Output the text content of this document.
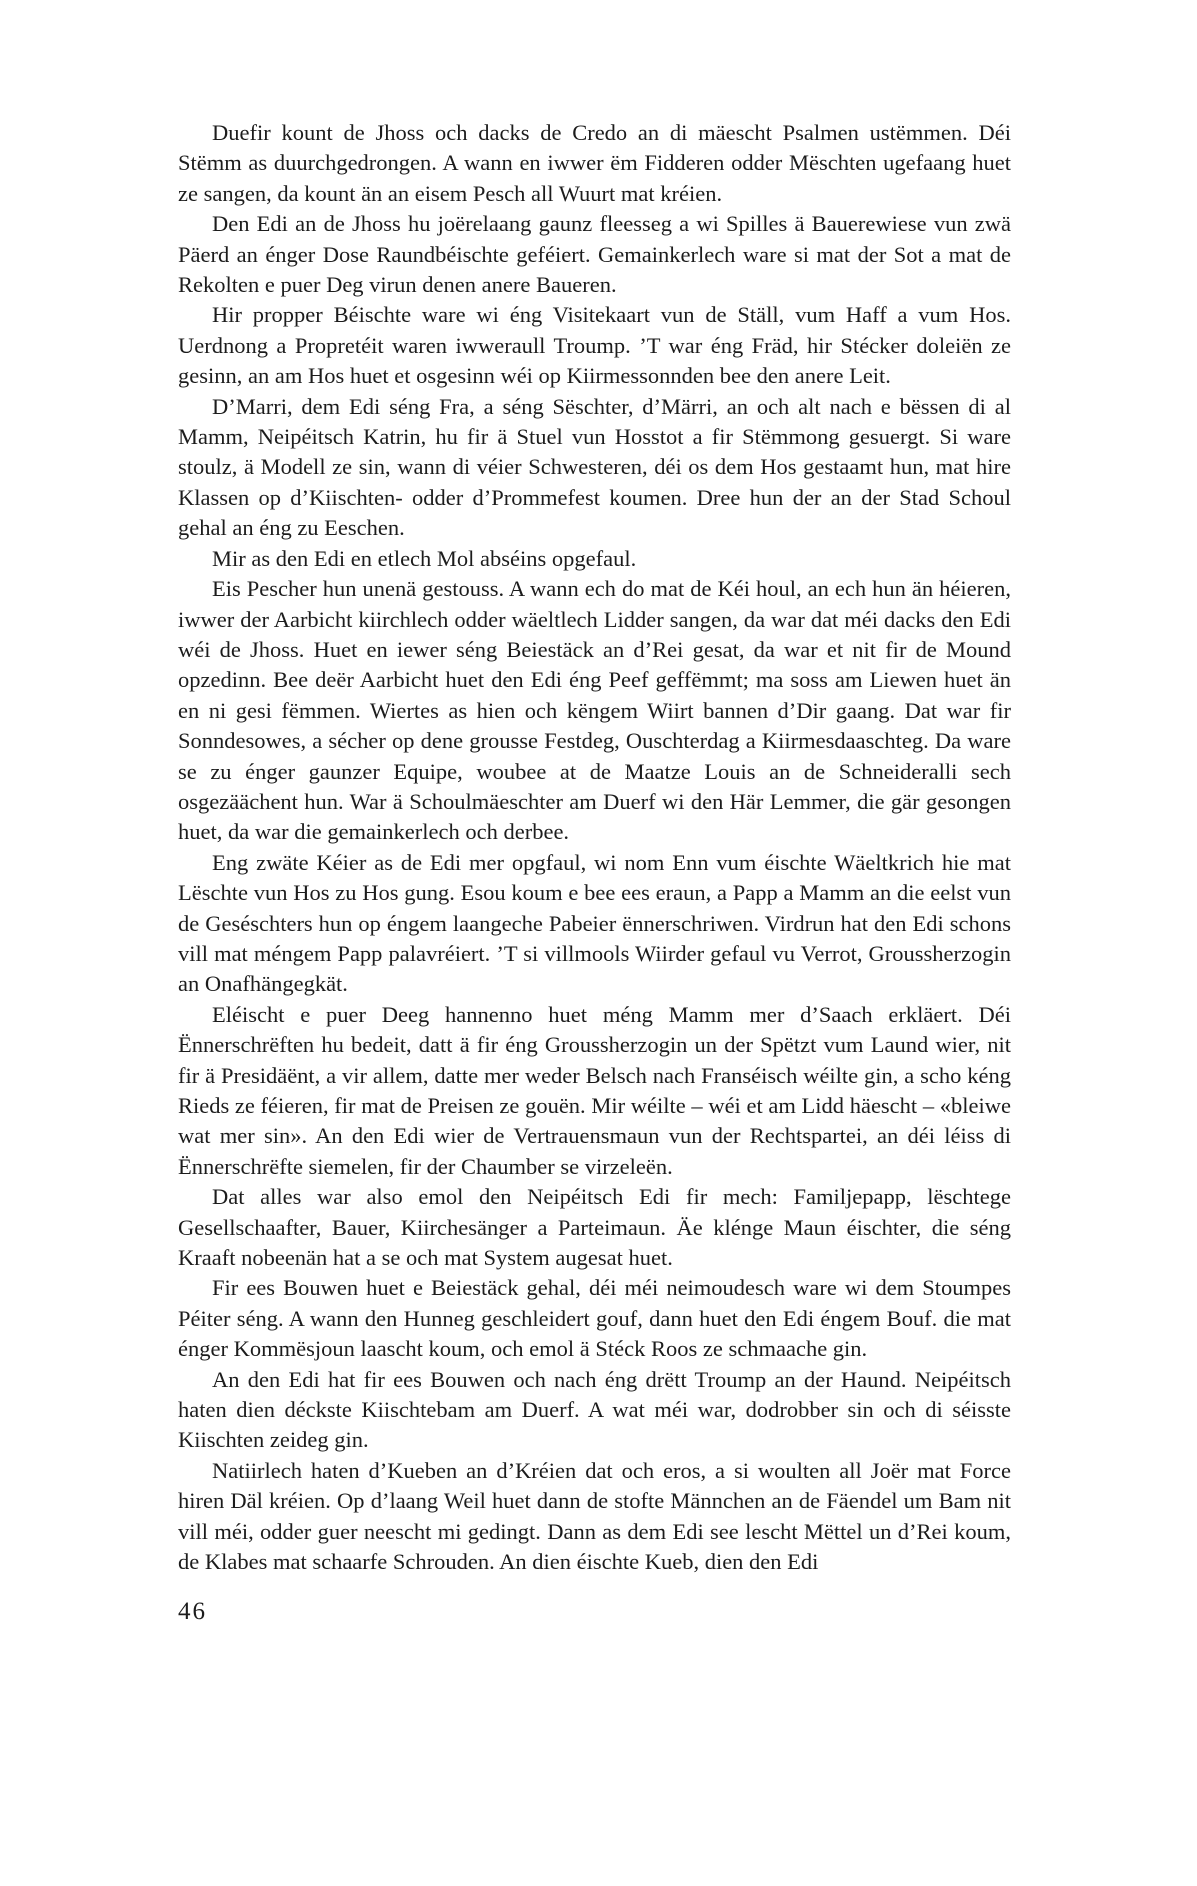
Duefir kount de Jhoss och dacks de Credo an di mäescht Psalmen ustëmmen. Déi Stëmm as duurchgedrongen. A wann en iwwer ëm Fidderen odder Mëschten ugefaang huet ze sangen, da kount än an eisem Pesch all Wuurt mat kréien.

Den Edi an de Jhoss hu joërelaang gaunz fleesseg a wi Spilles ä Bauerewiese vun zwä Päerd an énger Dose Raundbéischte geféiert. Gemainkerlech ware si mat der Sot a mat de Rekolten e puer Deg virun denen anere Baueren.

Hir propper Béischte ware wi éng Visitekaart vun de Ställ, vum Haff a vum Hos. Uerdnong a Propretéit waren iwweraull Troump. ’T war éng Fräd, hir Stécker doleiën ze gesinn, an am Hos huet et osgesinn wéi op Kiirmessonnden bee den anere Leit.

D’Marri, dem Edi séng Fra, a séng Sëschter, d’Märri, an och alt nach e bëssen di al Mamm, Neipéitsch Katrin, hu fir ä Stuel vun Hosstot a fir Stëmmong gesuergt. Si ware stoulz, ä Modell ze sin, wann di véier Schwesteren, déi os dem Hos gestaamt hun, mat hire Klassen op d’Kiischten- odder d’Prommefest koumen. Dree hun der an der Stad Schoul gehal an éng zu Eeschen.

Mir as den Edi en etlech Mol abséins opgefaul.

Eis Pescher hun unenä gestouss. A wann ech do mat de Kéi houl, an ech hun än héieren, iwwer der Aarbicht kiirchlech odder wäeltlech Lidder sangen, da war dat méi dacks den Edi wéi de Jhoss. Huet en iewer séng Beiestäck an d’Rei gesat, da war et nit fir de Mound opzedinn. Bee deër Aarbicht huet den Edi éng Peef geffëmmt; ma soss am Liewen huet än en ni gesi fëmmen. Wiertes as hien och këngem Wiirt bannen d’Dir gaang. Dat war fir Sonndesowes, a sécher op dene grousse Festdeg, Ouschterdag a Kiirmesdaaschteg. Da ware se zu énger gaunzer Equipe, woubee at de Maatze Louis an de Schneideralli sech osgezäächent hun. War ä Schoulmäeschter am Duerf wi den Här Lemmer, die gär gesongen huet, da war die gemainkerlech och derbee.

Eng zwäte Kéier as de Edi mer opgfaul, wi nom Enn vum éischte Wäeltkrich hie mat Lëschte vun Hos zu Hos gung. Esou koum e bee ees eraun, a Papp a Mamm an die eelst vun de Geséschters hun op éngem laangeche Pabeier ënnerschriwen. Virdrun hat den Edi schons vill mat méngem Papp palavréiert. ’T si villmools Wiirder gefaul vu Verrot, Groussherzogin an Onafhängegkät.

Eléischt e puer Deeg hannenno huet méng Mamm mer d’Saach erkläert. Déi Ënnerschrëften hu bedeit, datt ä fir éng Groussherzogin un der Spëtzt vum Laund wier, nit fir ä Presidäënt, a vir allem, datte mer weder Belsch nach Franséisch wéilte gin, a scho kéng Rieds ze féieren, fir mat de Preisen ze gouën. Mir wéilte – wéi et am Lidd häescht – «bleiwe wat mer sin». An den Edi wier de Vertrauensmaun vun der Rechtspartei, an déi léiss di Ënnerschrëfte siemelen, fir der Chaumber se virzeleën.

Dat alles war also emol den Neipéitsch Edi fir mech: Familjepapp, lëschtege Gesellschaafter, Bauer, Kiirchesänger a Parteimaun. Äe klénge Maun éischter, die séng Kraaft nobeenän hat a se och mat System augesat huet.

Fir ees Bouwen huet e Beiestäck gehal, déi méi neimoudesch ware wi dem Stoumpes Péiter séng. A wann den Hunneg geschleidert gouf, dann huet den Edi éngem Bouf. die mat énger Kommësjoun laascht koum, och emol ä Stéck Roos ze schmaache gin.

An den Edi hat fir ees Bouwen och nach éng drëtt Troump an der Haund. Neipéitsch haten dien déckste Kiischtebam am Duerf. A wat méi war, dodrobber sin och di séisste Kiischten zeideg gin.

Natiirlech haten d’Kueben an d’Kréien dat och eros, a si woulten all Joër mat Force hiren Däl kréien. Op d’laang Weil huet dann de stofte Männchen an de Fäendel um Bam nit vill méi, odder guer neescht mi gedingt. Dann as dem Edi see lescht Mëttel un d’Rei koum, de Klabes mat schaarfe Schrouden. An dien éischte Kueb, dien den Edi

46
